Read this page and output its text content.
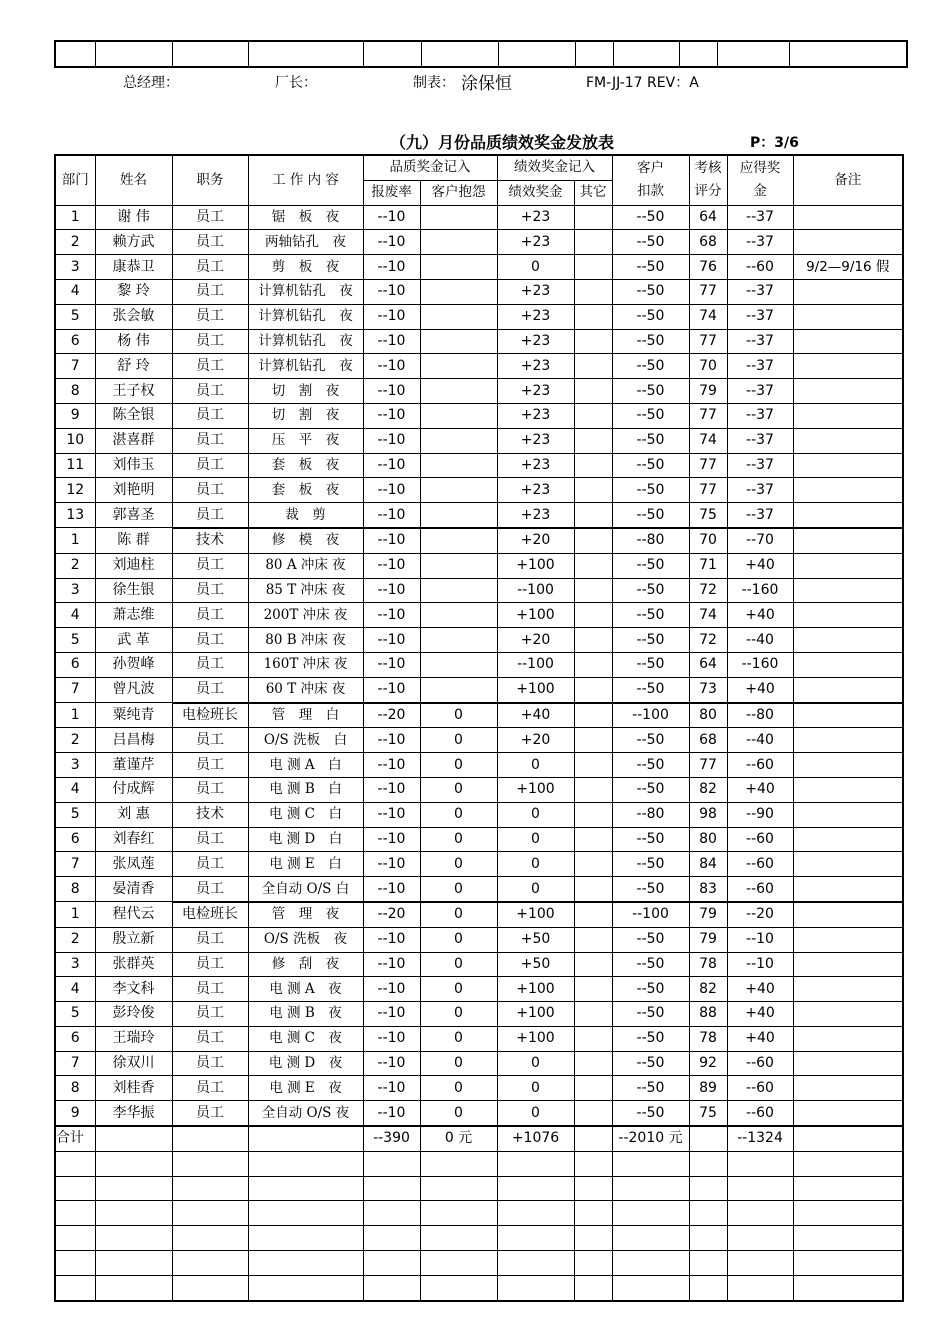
总经理：	厂长：	制表： 涂保恒	FM-JJ-17 REV：A
（九）月份品质绩效奖金发放表	P：3/6
部门	姓名	职务	工 作 内 容	品质奖金记入		绩效奖金记入		客户扣款	考核评分	应得奖金	备注
				报废率	客户抱怨	绩效奖金	其它				
1	谢 伟	员工	锯　板　夜	--10		+23		--50	64	--37	
2	赖方武	员工	两轴钻孔　夜	--10		+23		--50	68	--37	
3	康恭卫	员工	剪　板　夜	--10		0		--50	76	--60	9/2—9/16 假
4	黎 玲	员工	计算机钻孔　夜	--10		+23		--50	77	--37	
5	张会敏	员工	计算机钻孔　夜	--10		+23		--50	74	--37	
6	杨 伟	员工	计算机钻孔　夜	--10		+23		--50	77	--37	
7	舒 玲	员工	计算机钻孔　夜	--10		+23		--50	70	--37	
8	王子权	员工	切　割　夜	--10		+23		--50	79	--37	
9	陈全银	员工	切　割　夜	--10		+23		--50	77	--37	
10	湛喜群	员工	压　平　夜	--10		+23		--50	74	--37	
11	刘伟玉	员工	套　板　夜	--10		+23		--50	77	--37	
12	刘艳明	员工	套　板　夜	--10		+23		--50	77	--37	
13	郭喜圣	员工	裁　剪	--10		+23		--50	75	--37	
1	陈 群	技术	修　模　夜	--10		+20		--80	70	--70	
2	刘迪柱	员工	80 A 冲床 夜	--10		+100		--50	71	+40	
3	徐生银	员工	85 T 冲床 夜	--10		--100		--50	72	--160	
4	萧志维	员工	200T 冲床 夜	--10		+100		--50	74	+40	
5	武 革	员工	80 B 冲床 夜	--10		+20		--50	72	--40	
6	孙贺峰	员工	160T 冲床 夜	--10		--100		--50	64	--160	
7	曾凡波	员工	60 T 冲床 夜	--10		+100		--50	73	+40	
1	粟纯青	电检班长	管　理　白	--20	0	+40		--100	80	--80	
2	吕昌梅	员工	O/S 洗板　白	--10	0	+20		--50	68	--40	
3	董谨芹	员工	电 测 A　白	--10	0	0		--50	77	--60	
4	付成辉	员工	电 测 B　白	--10	0	+100		--50	82	+40	
5	刘 惠	技术	电 测 C　白	--10	0	0		--80	98	--90	
6	刘春红	员工	电 测 D　白	--10	0	0		--50	80	--60	
7	张凤莲	员工	电 测 E　白	--10	0	0		--50	84	--60	
8	晏清香	员工	全自动 O/S 白	--10	0	0		--50	83	--60	
1	程代云	电检班长	管　理　夜	--20	0	+100		--100	79	--20	
2	殷立新	员工	O/S 洗板　夜	--10	0	+50		--50	79	--10	
3	张群英	员工	修　刮　夜	--10	0	+50		--50	78	--10	
4	李文科	员工	电 测 A　夜	--10	0	+100		--50	82	+40	
5	彭玲俊	员工	电 测 B　夜	--10	0	+100		--50	88	+40	
6	王瑞玲	员工	电 测 C　夜	--10	0	+100		--50	78	+40	
7	徐双川	员工	电 测 D　夜	--10	0	0		--50	92	--60	
8	刘桂香	员工	电 测 E　夜	--10	0	0		--50	89	--60	
9	李华振	员工	全自动 O/S 夜	--10	0	0		--50	75	--60	
合计				--390	0 元	+1076		--2010 元		--1324	
